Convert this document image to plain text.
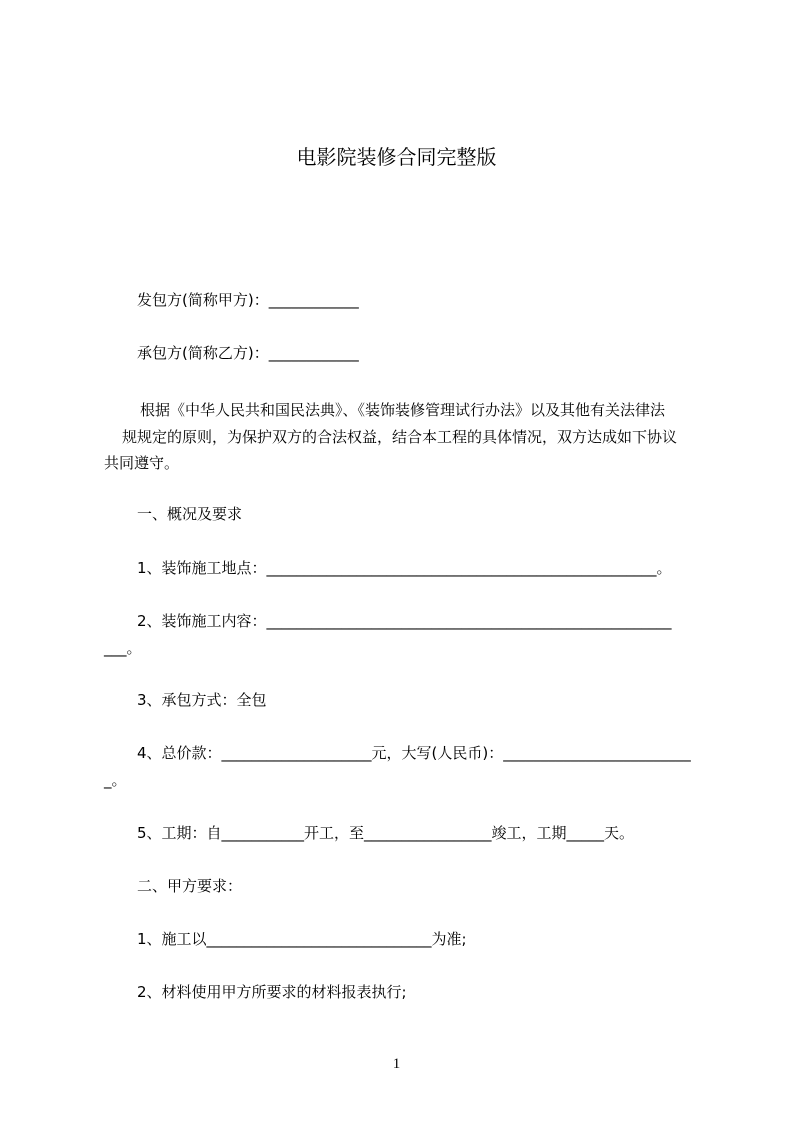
电影院装修合同完整版
发包方(简称甲方)：____________
承包方(简称乙方)：____________
根据《中华人民共和国民法典》、《装饰装修管理试行办法》以及其他有关法律法
规规定的原则，为保护双方的合法权益，结合本工程的具体情况，双方达成如下协议
共同遵守。
一、概况及要求
1、装饰施工地点：____________________________________________________。
2、装饰施工内容：______________________________________________________
___。
3、承包方式：全包
4、总价款：____________________元，大写(人民币)：_________________________
_。
5、工期：自___________开工，至_________________竣工，工期_____天。
二、甲方要求：
1、施工以______________________________为准;
2、材料使用甲方所要求的材料报表执行;
1
